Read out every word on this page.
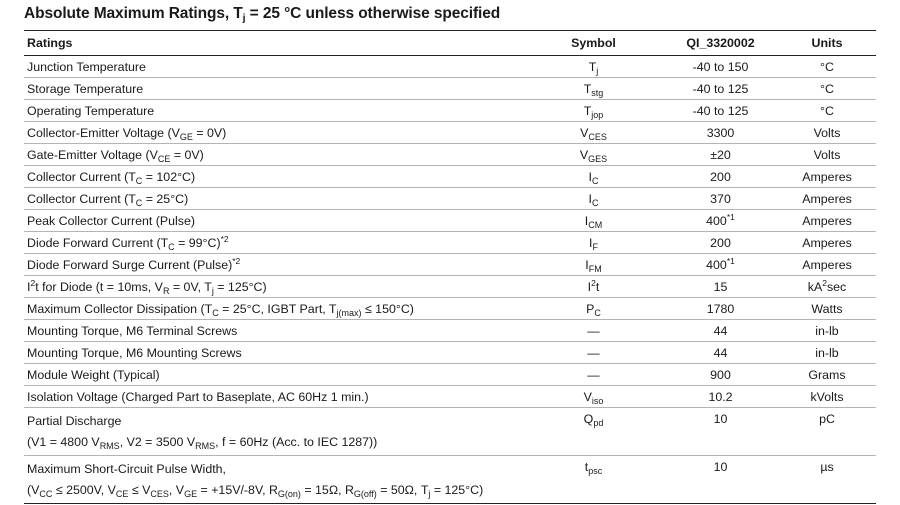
Absolute Maximum Ratings, $T_j = 25$ °C unless otherwise specified
Ratings	Symbol	QI_3320002	Units
Junction Temperature	$T_j$	-40 to 150	°C
Storage Temperature	$T_{stg}$	-40 to 125	°C
Operating Temperature	$T_{jop}$	-40 to 125	°C
Collector-Emitter Voltage $(V_{GE} = 0V)$	$V_{CES}$	3300	Volts
Gate-Emitter Voltage $(V_{CE} = 0V)$	$V_{GES}$	±20	Volts
Collector Current $(T_C = 102^\circ C)$	$I_C$	200	Amperes
Collector Current $(T_C = 25^\circ C)$	$I_C$	370	Amperes
Peak Collector Current (Pulse)	$I_{CM}$	400$^{*1}$	Amperes
Diode Forward Current $(T_C = 99^\circ C)^{*2}$	$I_F$	200	Amperes
Diode Forward Surge Current (Pulse)$^{*2}$	$I_{FM}$	400$^{*1}$	Amperes
$I^2t$ for Diode (t = 10ms, $V_R = 0V$, $T_j = 125^\circ C$)	$I^2t$	15	$kA^2\sec$
Maximum Collector Dissipation ($T_C = 25^\circ C$, IGBT Part, $T_{j(max)} \le 150^\circ C$)	$P_C$	1780	Watts
Mounting Torque, M6 Terminal Screws	—	44	in-lb
Mounting Torque, M6 Mounting Screws	—	44	in-lb
Module Weight (Typical)	—	900	Grams
Isolation Voltage (Charged Part to Baseplate, AC 60Hz 1 min.)	$V_{iso}$	10.2	kVolts
Partial Discharge
(V1 = 4800 $V_{RMS}$, V2 = 3500 $V_{RMS}$, f = 60Hz (Acc. to IEC 1287))	$Q_{pd}$	10	pC
Maximum Short-Circuit Pulse Width,
($V_{CC} \le 2500V$, $V_{CE} \le V_{CES}$, $V_{GE} = +15V/-8V$, $R_{G(on)} = 15\Omega$, $R_{G(off)} = 50\Omega$, $T_j = 125^\circ C$)	$t_{psc}$	10	µs
